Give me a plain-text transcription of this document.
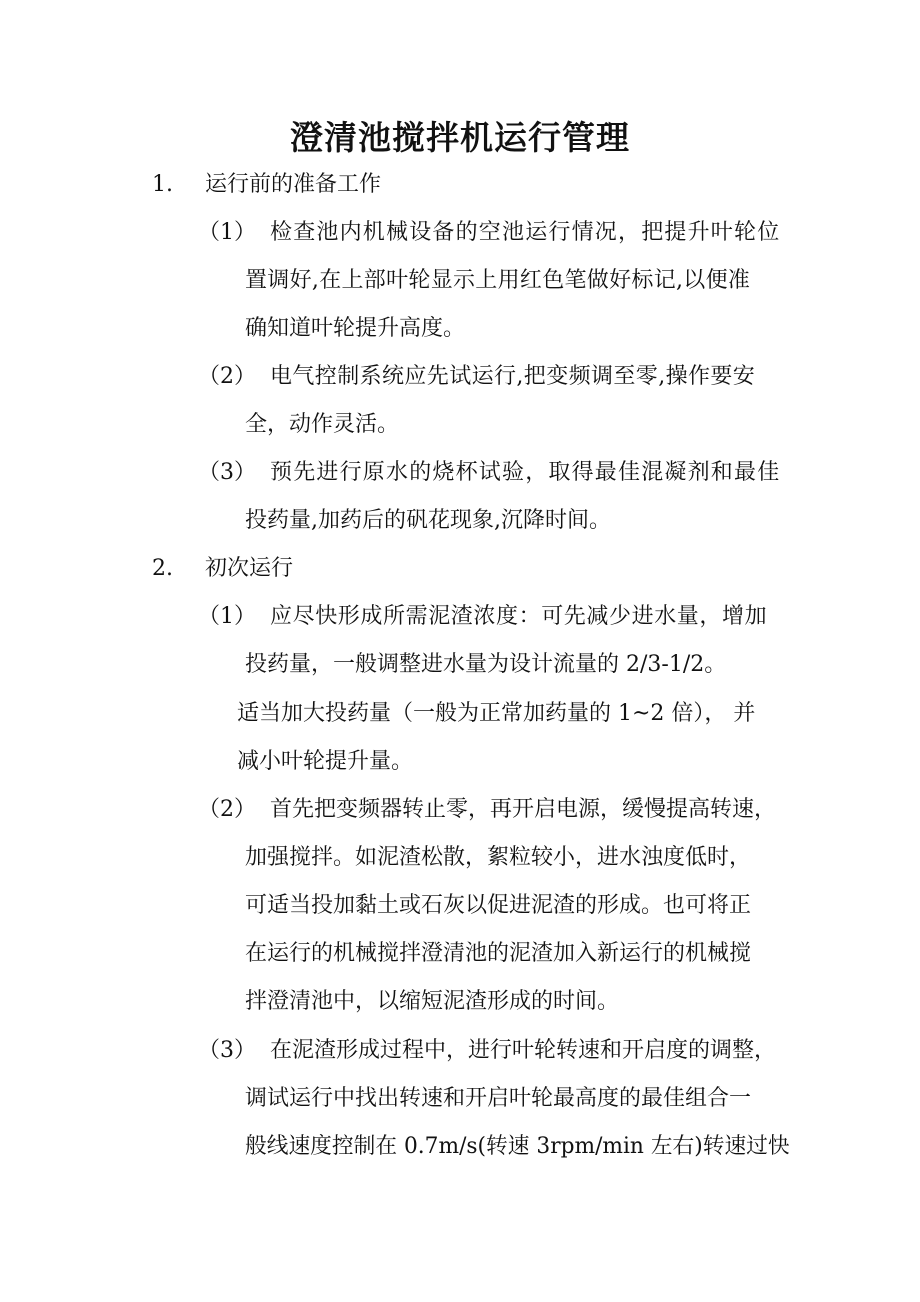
澄清池搅拌机运行管理
1. 运行前的准备工作

（1） 检查池内机械设备的空池运行情况，把提升叶轮位

置调好,在上部叶轮显示上用红色笔做好标记,以便准

确知道叶轮提升高度。

（2） 电气控制系统应先试运行,把变频调至零,操作要安

全，动作灵活。

（3） 预先进行原水的烧杯试验，取得最佳混凝剂和最佳

投药量,加药后的矾花现象,沉降时间。

2. 初次运行

（1） 应尽快形成所需泥渣浓度：可先减少进水量，增加

投药量，一般调整进水量为设计流量的 2/3-1/2。

适当加大投药量（一般为正常加药量的 1~2 倍）， 并

减小叶轮提升量。

（2） 首先把变频器转止零，再开启电源，缓慢提高转速，

加强搅拌。如泥渣松散，絮粒较小，进水浊度低时，

可适当投加黏土或石灰以促进泥渣的形成。也可将正

在运行的机械搅拌澄清池的泥渣加入新运行的机械搅

拌澄清池中，以缩短泥渣形成的时间。

（3） 在泥渣形成过程中，进行叶轮转速和开启度的调整，

调试运行中找出转速和开启叶轮最高度的最佳组合一

般线速度控制在 0.7m/s(转速 3rpm/min 左右)转速过快
